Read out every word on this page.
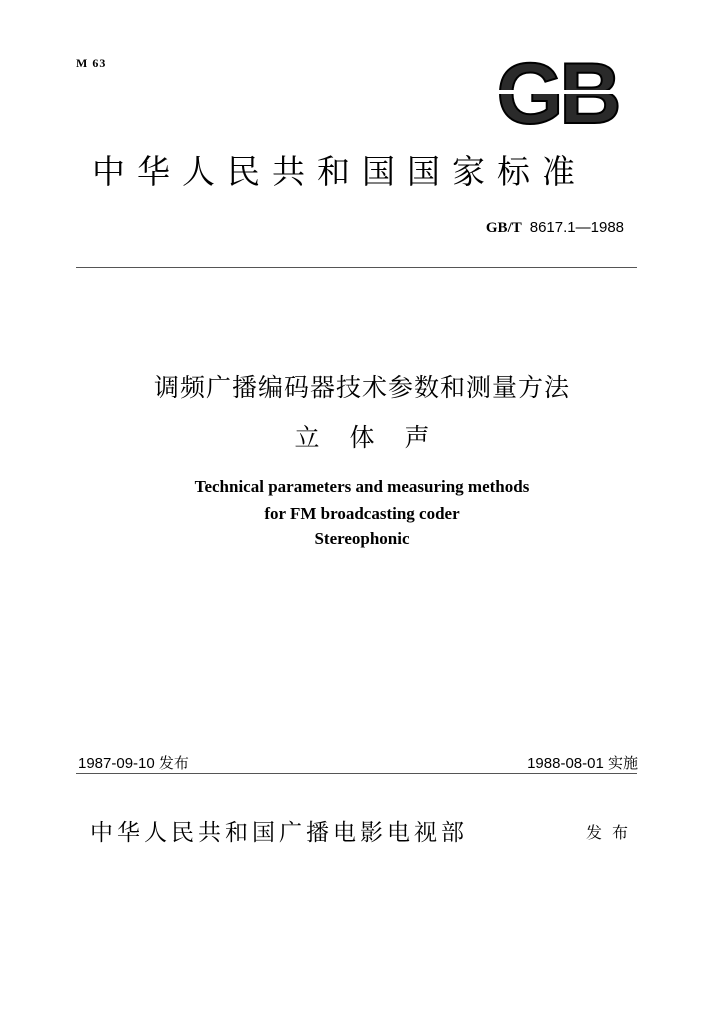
M 63	GB
中华人民共和国国家标准
GB/T 8617.1—1988
调频广播编码器技术参数和测量方法
立体声
Technical parameters and measuring methods
for FM broadcasting coder
Stereophonic
1987-09-10 发布	1988-08-01 实施
中华人民共和国广播电影电视部	发布
